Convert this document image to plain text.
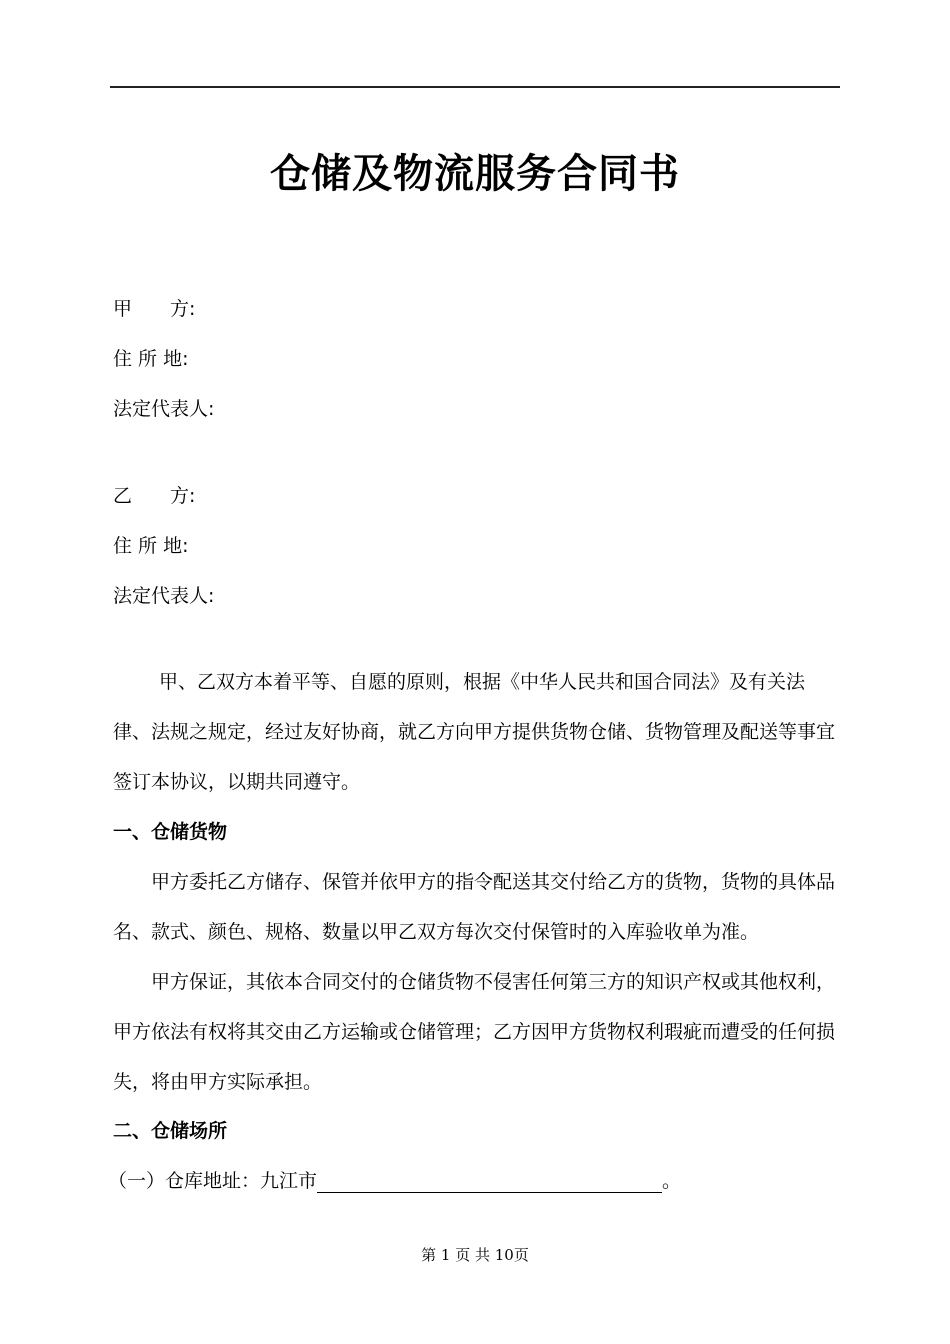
仓储及物流服务合同书
甲　　方:
住 所 地:
法定代表人:
乙　　方:
住 所 地:
法定代表人:
甲、乙双方本着平等、自愿的原则，根据《中华人民共和国合同法》及有关法律、法规之规定，经过友好协商，就乙方向甲方提供货物仓储、货物管理及配送等事宜签订本协议，以期共同遵守。
一、仓储货物
甲方委托乙方储存、保管并依甲方的指令配送其交付给乙方的货物，货物的具体品名、款式、颜色、规格、数量以甲乙双方每次交付保管时的入库验收单为准。
甲方保证，其依本合同交付的仓储货物不侵害任何第三方的知识产权或其他权利，甲方依法有权将其交由乙方运输或仓储管理；乙方因甲方货物权利瑕疵而遭受的任何损失，将由甲方实际承担。
二、仓储场所
（一）仓库地址：九江市	。
第 1 页 共 10页
